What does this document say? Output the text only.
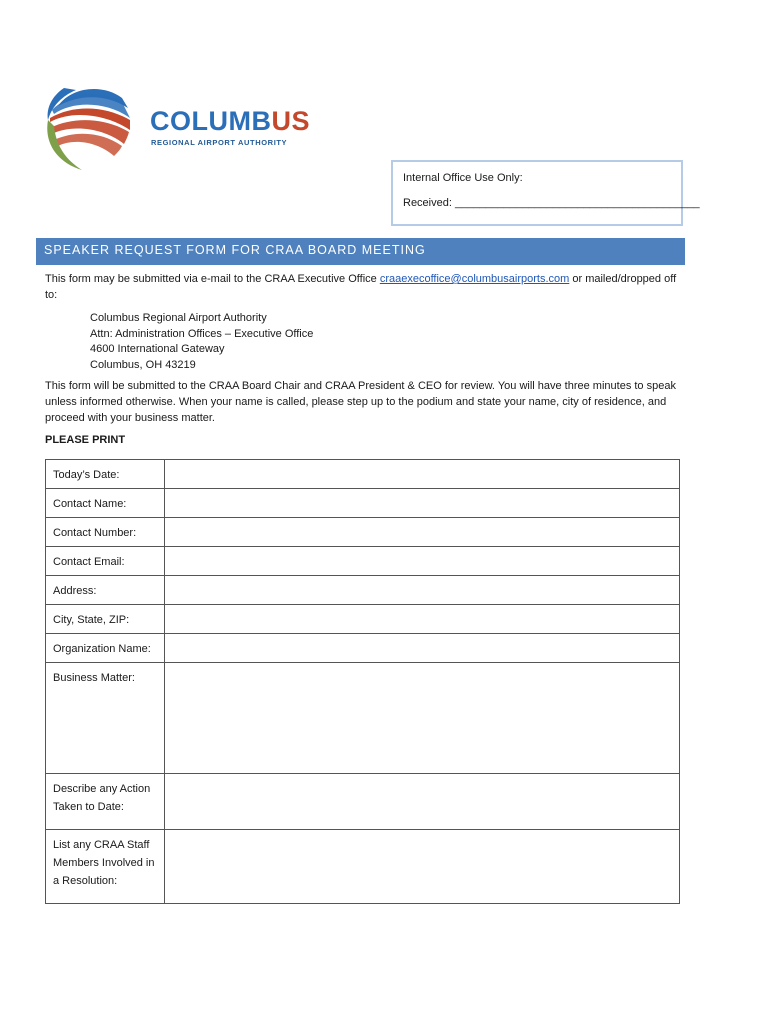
COLUMBUS
REGIONAL AIRPORT AUTHORITY
Internal Office Use Only:
Received: ________________________________________
SPEAKER REQUEST FORM FOR CRAA BOARD MEETING
This form may be submitted via e-mail to the CRAA Executive Office craaexecoffice@columbusairports.com or mailed/dropped off to:
Columbus Regional Airport Authority
Attn: Administration Offices – Executive Office
4600 International Gateway
Columbus, OH 43219
This form will be submitted to the CRAA Board Chair and CRAA President & CEO for review. You will have three minutes to speak unless informed otherwise. When your name is called, please step up to the podium and state your name, city of residence, and proceed with your business matter.
PLEASE PRINT
Today’s Date:	
Contact Name:	
Contact Number:	
Contact Email:	
Address:	
City, State, ZIP:	
Organization Name:	
Business Matter:	
Describe any Action Taken to Date:	
List any CRAA Staff Members Involved in a Resolution:	
